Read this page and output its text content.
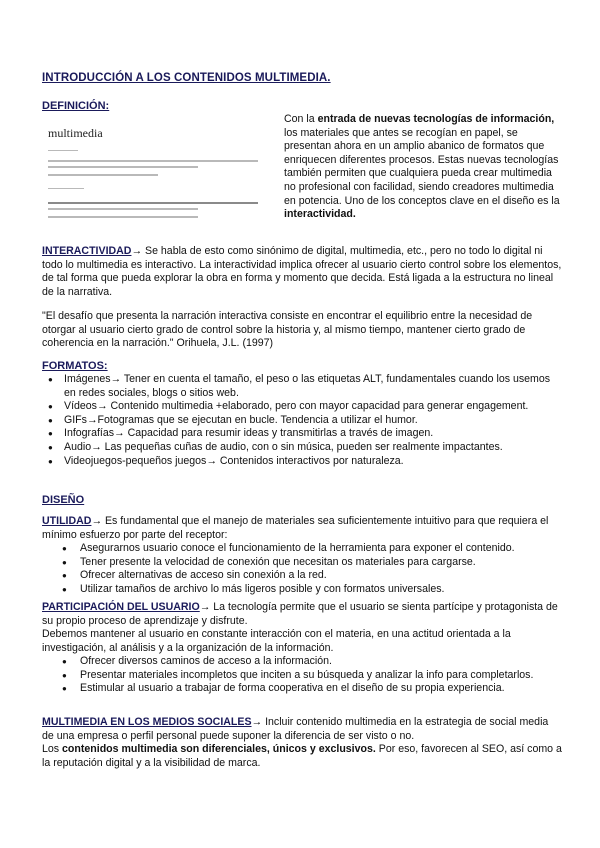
INTRODUCCIÓN A LOS CONTENIDOS MULTIMEDIA.
DEFINICIÓN:
multimedia
Con la entrada de nuevas tecnologías de información, los materiales que antes se recogían en papel, se presentan ahora en un amplio abanico de formatos que enriquecen diferentes procesos. Estas nuevas tecnologías también permiten que cualquiera pueda crear multimedia no profesional con facilidad, siendo creadores multimedia en potencia. Uno de los conceptos clave en el diseño es la interactividad.
INTERACTIVIDAD→ Se habla de esto como sinónimo de digital, multimedia, etc., pero no todo lo digital ni todo lo multimedia es interactivo. La interactividad implica ofrecer al usuario cierto control sobre los elementos, de tal forma que pueda explorar la obra en forma y momento que decida. Está ligada a la estructura no lineal de la narrativa.
"El desafío que presenta la narración interactiva consiste en encontrar el equilibrio entre la necesidad de otorgar al usuario cierto grado de control sobre la historia y, al mismo tiempo, mantener cierto grado de coherencia en la narración." Orihuela, J.L. (1997)
FORMATOS:
● Imágenes→ Tener en cuenta el tamaño, el peso o las etiquetas ALT, fundamentales cuando los usemos en redes sociales, blogs o sitios web.
● Vídeos→ Contenido multimedia +elaborado, pero con mayor capacidad para generar engagement.
● GIFs→Fotogramas que se ejecutan en bucle. Tendencia a utilizar el humor.
● Infografías→ Capacidad para resumir ideas y transmitirlas a través de imagen.
● Audio→ Las pequeñas cuñas de audio, con o sin música, pueden ser realmente impactantes.
● Videojuegos-pequeños juegos→ Contenidos interactivos por naturaleza.
DISEÑO
UTILIDAD→ Es fundamental que el manejo de materiales sea suficientemente intuitivo para que requiera el mínimo esfuerzo por parte del receptor:
● Asegurarnos usuario conoce el funcionamiento de la herramienta para exponer el contenido.
● Tener presente la velocidad de conexión que necesitan os materiales para cargarse.
● Ofrecer alternativas de acceso sin conexión a la red.
● Utilizar tamaños de archivo lo más ligeros posible y con formatos universales.
PARTICIPACIÓN DEL USUARIO→ La tecnología permite que el usuario se sienta partícipe y protagonista de su propio proceso de aprendizaje y disfrute.
Debemos mantener al usuario en constante interacción con el materia, en una actitud orientada a la investigación, al análisis y a la organización de la información.
● Ofrecer diversos caminos de acceso a la información.
● Presentar materiales incompletos que inciten a su búsqueda y analizar la info para completarlos.
● Estimular al usuario a trabajar de forma cooperativa en el diseño de su propia experiencia.
MULTIMEDIA EN LOS MEDIOS SOCIALES→ Incluir contenido multimedia en la estrategia de social media de una empresa o perfil personal puede suponer la diferencia de ser visto o no.
Los contenidos multimedia son diferenciales, únicos y exclusivos. Por eso, favorecen al SEO, así como a la reputación digital y a la visibilidad de marca.
